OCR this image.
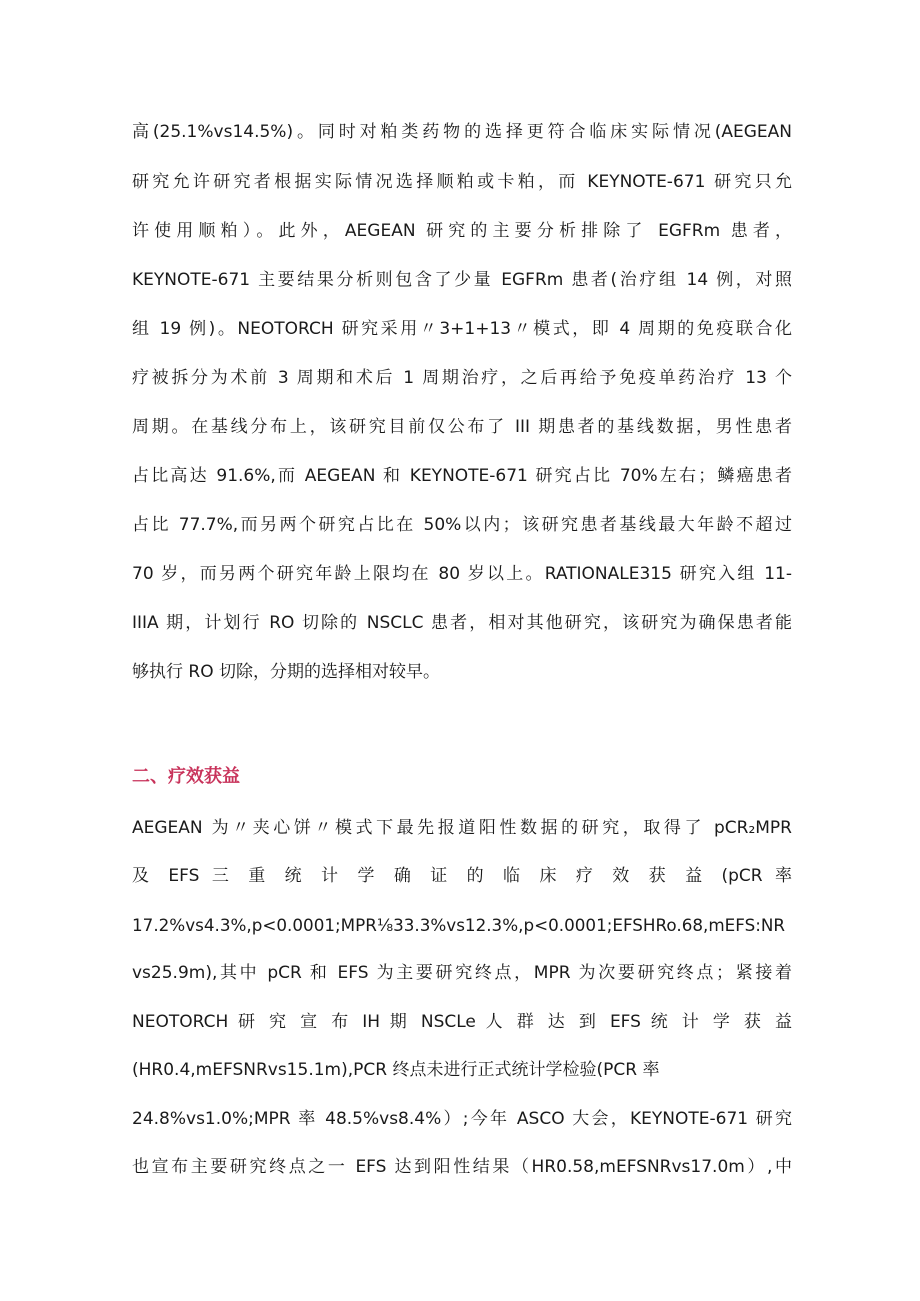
高(25.1%vs14.5%)。同时对粕类药物的选择更符合临床实际情况(AEGEAN
研究允许研究者根据实际情况选择顺粕或卡粕，而 KEYNOTE-671 研究只允
许使用顺粕）。此外，AEGEAN 研究的主要分析排除了 EGFRm 患者，
KEYNOTE-671 主要结果分析则包含了少量 EGFRm 患者(治疗组 14 例，对照
组 19 例)。NEOTORCH 研究采用〃3+1+13〃模式，即 4 周期的免疫联合化
疗被拆分为术前 3 周期和术后 1 周期治疗，之后再给予免疫单药治疗 13 个
周期。在基线分布上，该研究目前仅公布了 III 期患者的基线数据，男性患者
占比高达 91.6%,而 AEGEAN 和 KEYNOTE-671 研究占比 70%左右；鳞癌患者
占比 77.7%,而另两个研究占比在 50%以内；该研究患者基线最大年龄不超过
70 岁，而另两个研究年龄上限均在 80 岁以上。RATIONALE315 研究入组 11-
IIIA 期，计划行 RO 切除的 NSCLC 患者，相对其他研究，该研究为确保患者能
够执行 RO 切除，分期的选择相对较早。
二、疗效获益
AEGEAN 为〃夹心饼〃模式下最先报道阳性数据的研究，取得了 pCR₂MPR
及 EFS 三 重 统 计 学 确 证 的 临 床 疗 效 获 益 (pCR 率
17.2%vs4.3%,p<0.0001;MPR⅛33.3%vs12.3%,p<0.0001;EFSHRo.68,mEFS:NR
vs25.9m),其中 pCR 和 EFS 为主要研究终点，MPR 为次要研究终点；紧接着
NEOTORCH 研 究 宣 布 IH 期 NSCLe 人 群 达 到 EFS 统 计 学 获 益
(HR0.4,mEFSNRvs15.1m),PCR 终点未进行正式统计学检验(PCR 率
24.8%vs1.0%;MPR 率 48.5%vs8.4%）;今年 ASCO 大会，KEYNOTE-671 研究
也宣布主要研究终点之一 EFS 达到阳性结果（HR0.58,mEFSNRvs17.0m）,中
